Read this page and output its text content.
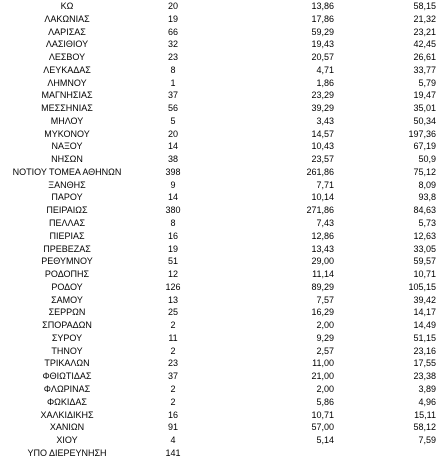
ΚΩ	20	13,86	58,15
ΛΑΚΩΝΙΑΣ	19	17,86	21,32
ΛΑΡΙΣΑΣ	66	59,29	23,21
ΛΑΣΙΘΙΟΥ	32	19,43	42,45
ΛΕΣΒΟΥ	23	20,57	26,61
ΛΕΥΚΑΔΑΣ	8	4,71	33,77
ΛΗΜΝΟΥ	1	1,86	5,79
ΜΑΓΝΗΣΙΑΣ	37	23,29	19,47
ΜΕΣΣΗΝΙΑΣ	56	39,29	35,01
ΜΗΛΟΥ	5	3,43	50,34
ΜΥΚΟΝΟΥ	20	14,57	197,36
ΝΑΞΟΥ	14	10,43	67,19
ΝΗΣΩΝ	38	23,57	50,9
ΝΟΤΙΟΥ ΤΟΜΕΑ ΑΘΗΝΩΝ	398	261,86	75,12
ΞΑΝΘΗΣ	9	7,71	8,09
ΠΑΡΟΥ	14	10,14	93,8
ΠΕΙΡΑΙΩΣ	380	271,86	84,63
ΠΕΛΛΑΣ	8	7,43	5,73
ΠΙΕΡΙΑΣ	16	12,86	12,63
ΠΡΕΒΕΖΑΣ	19	13,43	33,05
ΡΕΘΥΜΝΟΥ	51	29,00	59,57
ΡΟΔΟΠΗΣ	12	11,14	10,71
ΡΟΔΟΥ	126	89,29	105,15
ΣΑΜΟΥ	13	7,57	39,42
ΣΕΡΡΩΝ	25	16,29	14,17
ΣΠΟΡΑΔΩΝ	2	2,00	14,49
ΣΥΡΟΥ	11	9,29	51,15
ΤΗΝΟΥ	2	2,57	23,16
ΤΡΙΚΑΛΩΝ	23	11,00	17,55
ΦΘΙΩΤΙΔΑΣ	37	21,00	23,38
ΦΛΩΡΙΝΑΣ	2	2,00	3,89
ΦΩΚΙΔΑΣ	2	5,86	4,96
ΧΑΛΚΙΔΙΚΗΣ	16	10,71	15,11
ΧΑΝΙΩΝ	91	57,00	58,12
ΧΙΟΥ	4	5,14	7,59
ΥΠΟ ΔΙΕΡΕΥΝΗΣΗ	141
